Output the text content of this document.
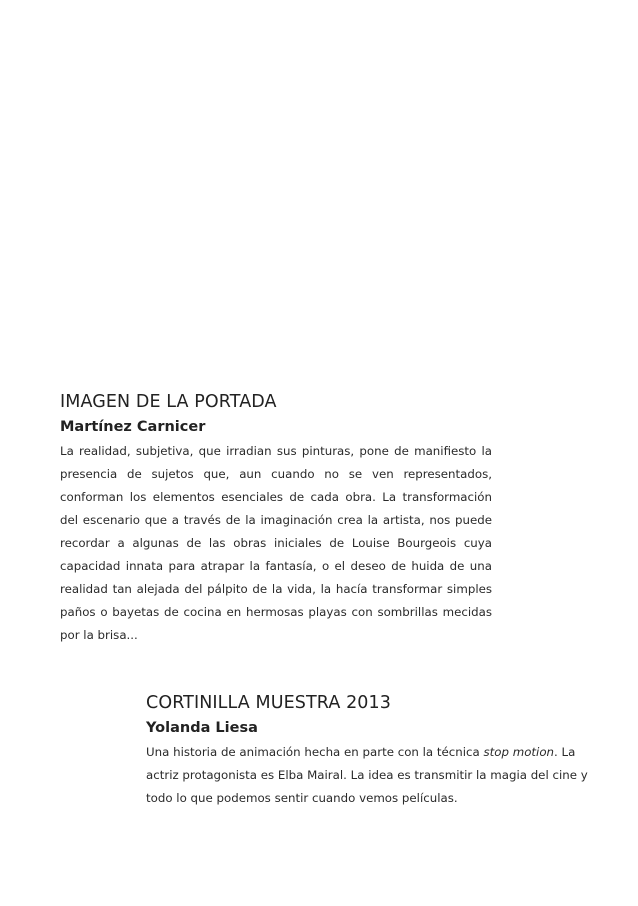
IMAGEN DE LA PORTADA
Martínez Carnicer

La realidad, subjetiva, que irradian sus pinturas, pone de manifiesto la presencia de sujetos que, aun cuando no se ven representados, conforman los elementos esenciales de cada obra. La transformación del escenario que a través de la imaginación crea la artista, nos puede recordar a algunas de las obras iniciales de Louise Bourgeois cuya capacidad innata para atrapar la fantasía, o el deseo de huida de una realidad tan alejada del pálpito de la vida, la hacía transformar simples paños o bayetas de cocina en hermosas playas con sombrillas mecidas por la brisa...

CORTINILLA MUESTRA 2013
Yolanda Liesa

Una historia de animación hecha en parte con la técnica stop motion. La actriz protagonista es Elba Mairal. La idea es transmitir la magia del cine y todo lo que podemos sentir cuando vemos películas.
